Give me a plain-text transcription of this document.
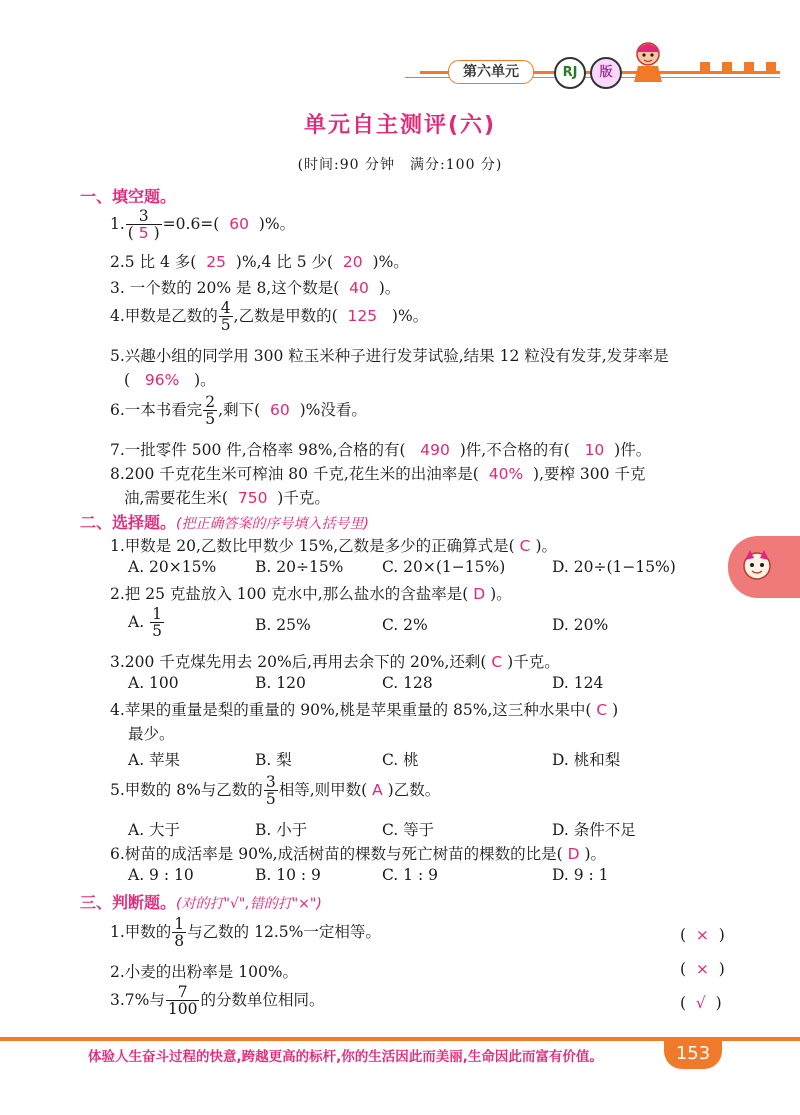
第六单元	RJ	版
单元自主测评(六)
(时间:90 分钟　满分:100 分)
一、填空题。
1. $\frac{3}{( 5 )} =0.6=$( 60 )%。
2.5 比 4 多( 25 )%,4 比 5 少( 20 )%。
3. 一个数的 20% 是 8,这个数是( 40 )。
4.甲数是乙数的 $\frac{4}{5}$ ,乙数是甲数的( 125 )%。
5.兴趣小组的同学用 300 粒玉米种子进行发芽试验,结果 12 粒没有发芽,发芽率是
( 96% )。
6.一本书看完 $\frac{2}{5}$ ,剩下( 60 )%没看。
7.一批零件 500 件,合格率 98%,合格的有( 490 )件,不合格的有( 10 )件。
8.200 千克花生米可榨油 80 千克,花生米的出油率是( 40% ),要榨 300 千克
油,需要花生米( 750 )千克。
二、选择题。(把正确答案的序号填入括号里)
1.甲数是 20,乙数比甲数少 15%,乙数是多少的正确算式是( C )。
A. 20×15%	B. 20÷15% C. 20×(1−15%)	D. 20÷(1−15%)
2.把 25 克盐放入 100 克水中,那么盐水的含盐率是( D )。
A. $\frac{1}{5}$	B. 25%	C. 2%	D. 20%
3.200 千克煤先用去 20%后,再用去余下的 20%,还剩( C )千克。
A. 100	B. 120	C. 128	D. 124
4.苹果的重量是梨的重量的 90%,桃是苹果重量的 85%,这三种水果中( C )
最少。
A. 苹果	B. 梨	C. 桃	D. 桃和梨
5.甲数的 8%与乙数的 $\frac{3}{5}$ 相等,则甲数( A )乙数。
A. 大于	B. 小于	C. 等于	D. 条件不足
6.树苗的成活率是 90%,成活树苗的棵数与死亡树苗的棵数的比是( D )。
A. 9 : 10	B. 10 : 9	C. 1 : 9	D. 9 : 1
三、判断题。(对的打"√",错的打"×")
1.甲数的 $\frac{1}{8}$ 与乙数的 12.5%一定相等。	( × )
2.小麦的出粉率是 100%。	( × )
3.7%与 $\frac{7}{100}$ 的分数单位相同。	( √ )
体验人生奋斗过程的快意,跨越更高的标杆,你的生活因此而美丽,生命因此而富有价值。	153
